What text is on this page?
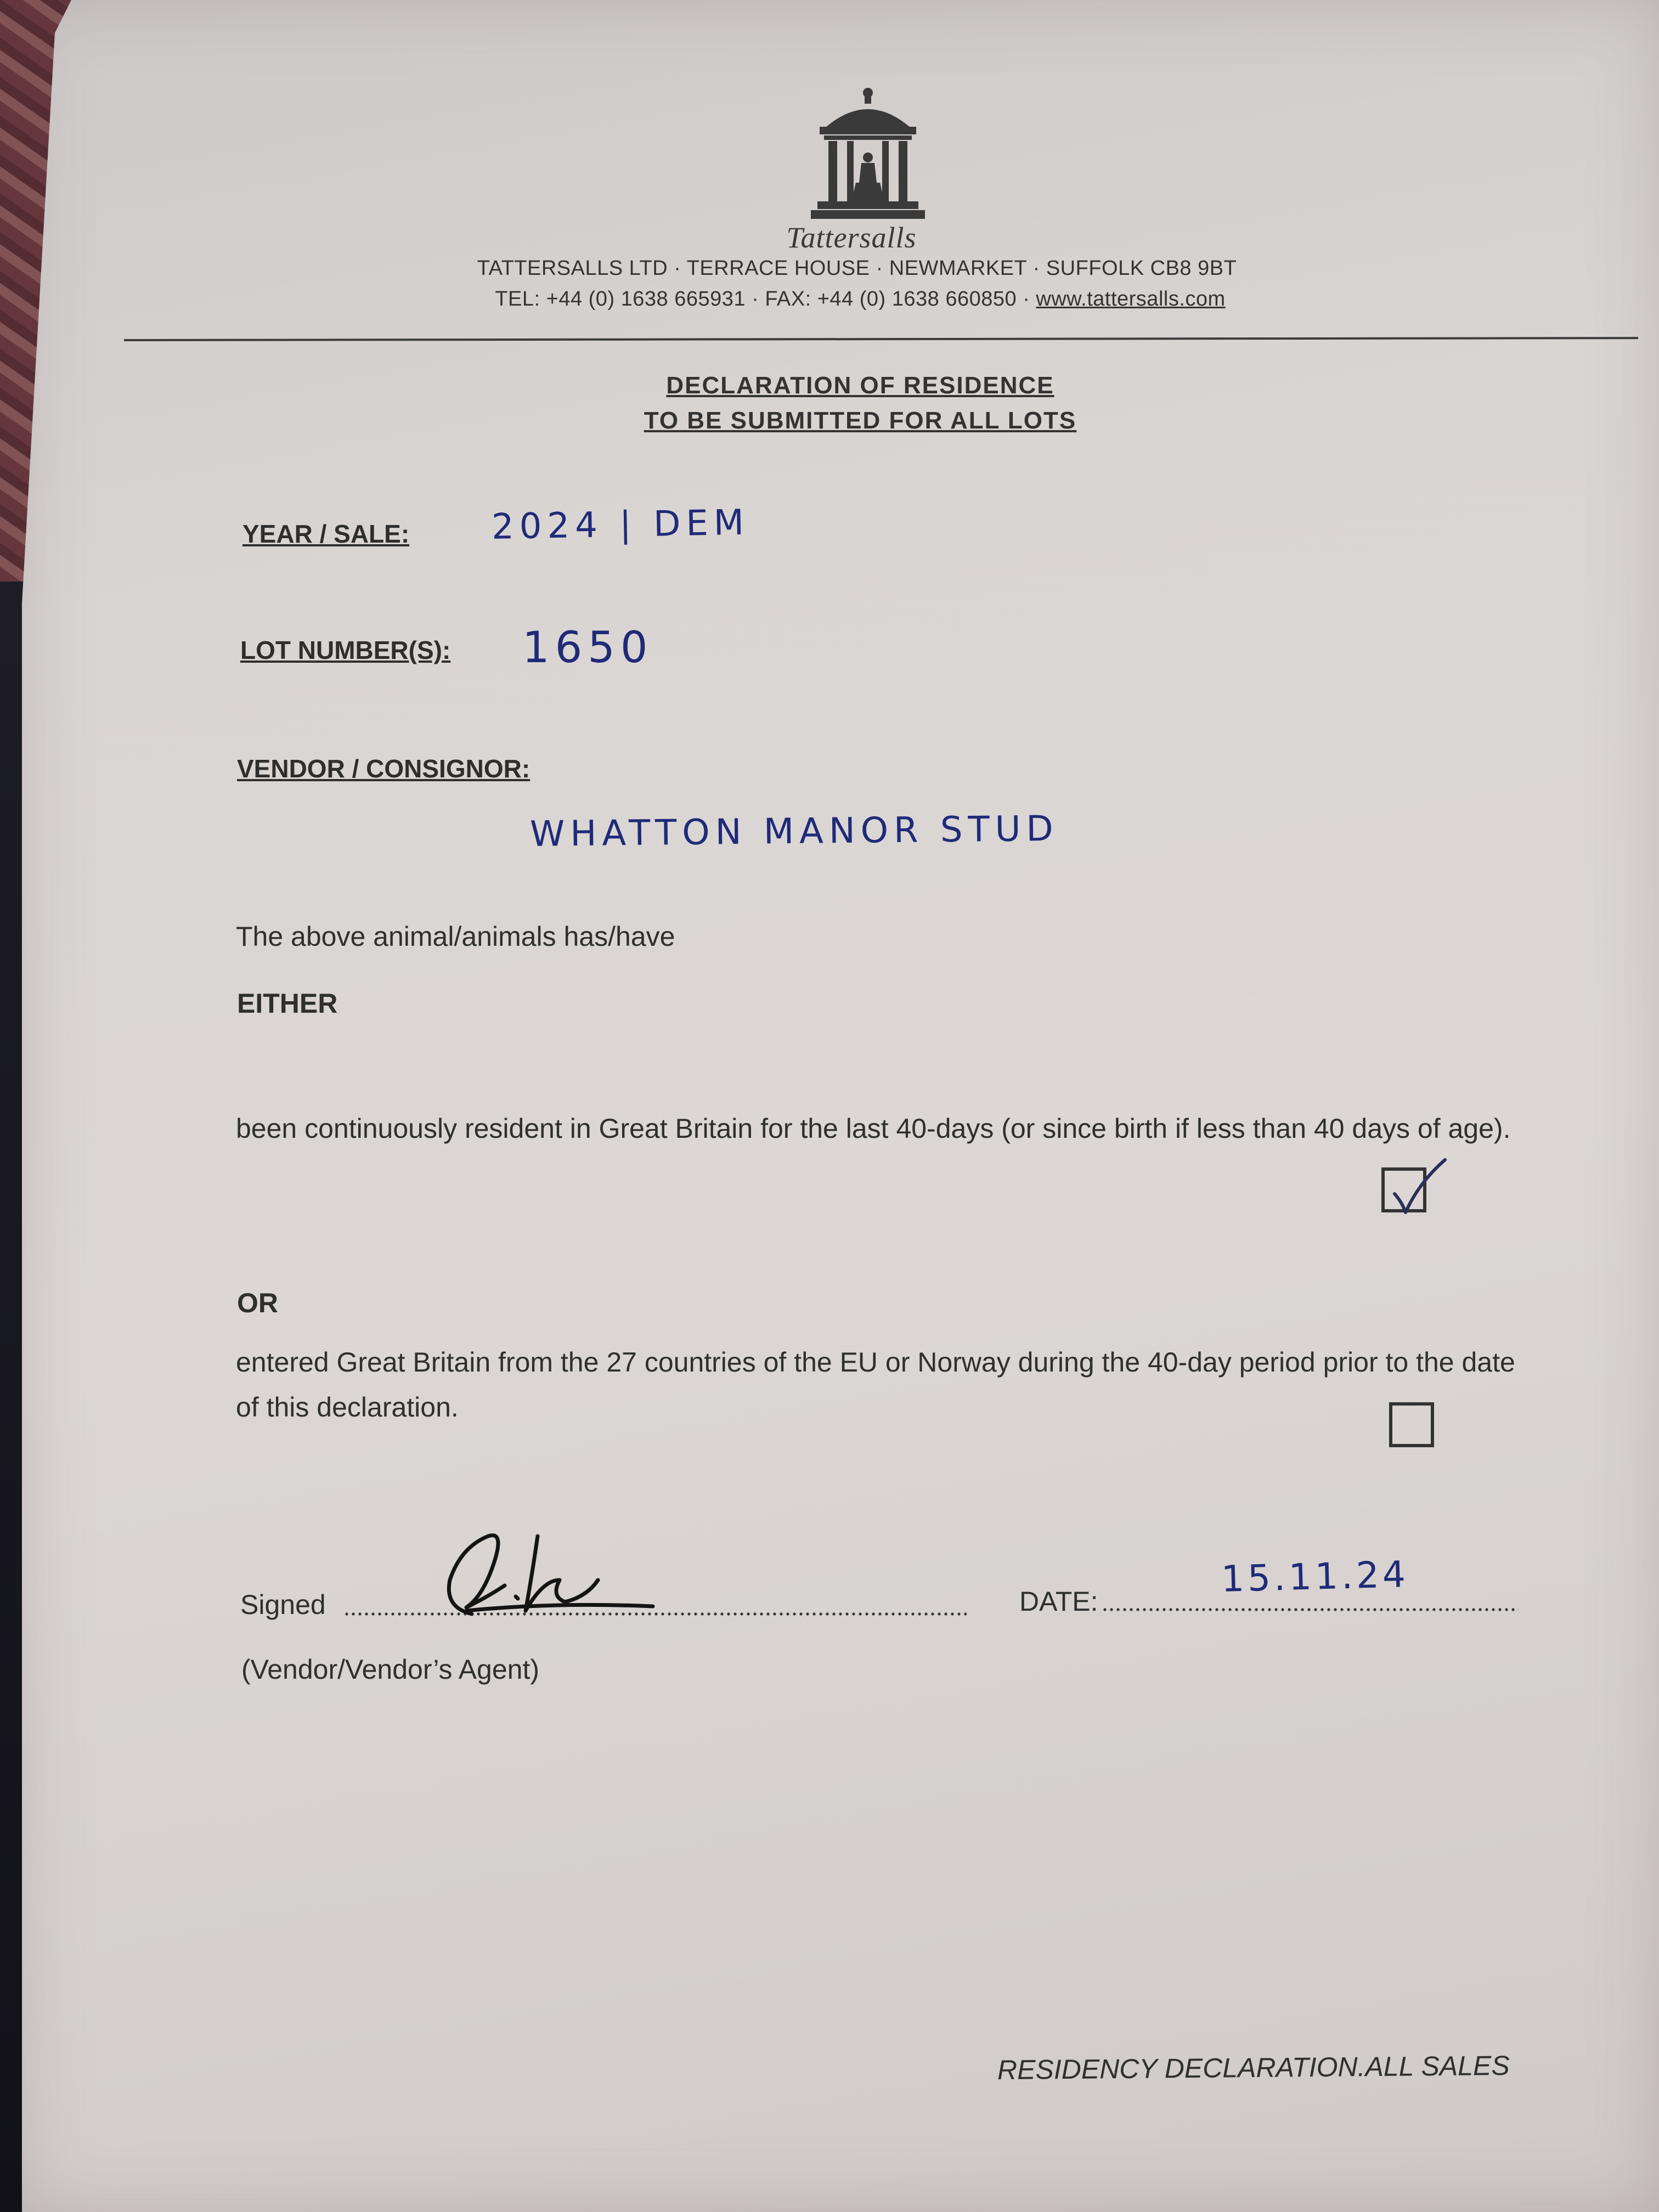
Tattersalls
TATTERSALLS LTD · TERRACE HOUSE · NEWMARKET · SUFFOLK CB8 9BT
TEL: +44 (0) 1638 665931 · FAX: +44 (0) 1638 660850 · www.tattersalls.com
DECLARATION OF RESIDENCE
TO BE SUBMITTED FOR ALL LOTS
YEAR / SALE: 2024 | DEM
LOT NUMBER(S): 1650
VENDOR / CONSIGNOR:
WHATTON MANOR STUD
The above animal/animals has/have
EITHER
been continuously resident in Great Britain for the last 40-days (or since birth if less than 40 days of age).
OR
entered Great Britain from the 27 countries of the EU or Norway during the 40-day period prior to the date of this declaration.
Signed	DATE:
15.11.24
(Vendor/Vendor’s Agent)
RESIDENCY DECLARATION.ALL SALES
